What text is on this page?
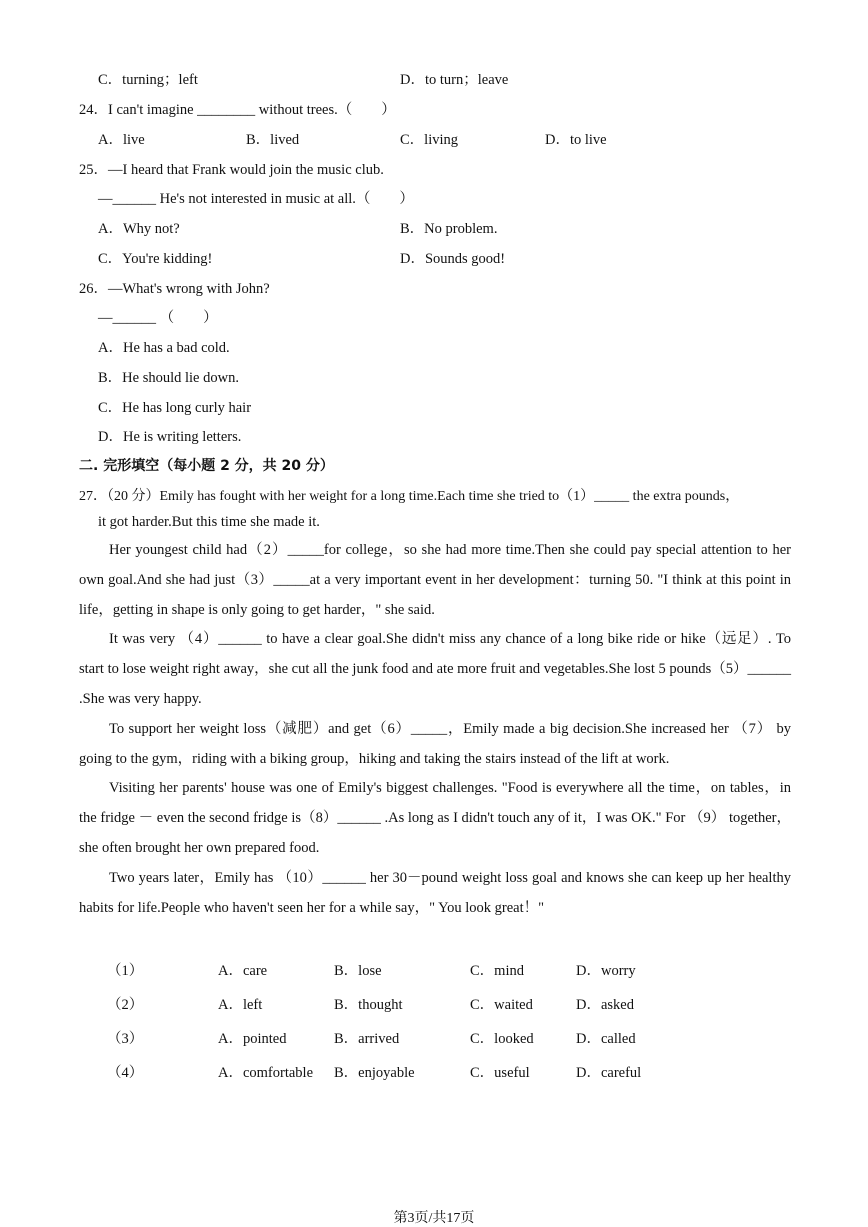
C．turning；left	D．to turn；leave
24．I can't imagine ________ without trees.（　　）
A．live	B．lived	C．living	D．to live
25．—I heard that Frank would join the music club.
—______ He's not interested in music at all.（　　）
A．Why not?	B．No problem.
C．You're kidding!	D．Sounds good!
26．—What's wrong with John?
—______ （　　）
A．He has a bad cold.
B．He should lie down.
C．He has long curly hair
D．He is writing letters.
二. 完形填空（每小题 2 分，共 20 分）
27．（20 分）Emily has fought with her weight for a long time.Each time she tried to（1）_____ the extra pounds，
it got harder.But this time she made it.
Her youngest child had（2）_____for college，so she had more time.Then she could pay special attention to her own goal.And she had just（3）_____at a very important event in her development：turning 50. "I think at this point in life，getting in shape is only going to get harder，" she said.
It was very （4）______ to have a clear goal.She didn't miss any chance of a long bike ride or hike（远足）. To start to lose weight right away，she cut all the junk food and ate more fruit and vegetables.She lost 5 pounds（5）______ .She was very happy.
To support her weight loss（减肥）and get（6）_____，Emily made a big decision.She increased her （7） by going to the gym，riding with a biking group，hiking and taking the stairs instead of the lift at work.
Visiting her parents' house was one of Emily's biggest challenges. "Food is everywhere all the time，on tables，in the fridge － even the second fridge is（8）______ .As long as I didn't touch any of it，I was OK." For （9） together，she often brought her own prepared food.
Two years later，Emily has （10）______ her 30－pound weight loss goal and knows she can keep up her healthy habits for life.People who haven't seen her for a while say，" You look great！"
（1）	A．care	B．lose	C．mind	D．worry
（2）	A．left	B．thought	C．waited	D．asked
（3）	A．pointed	B．arrived	C．looked	D．called
（4）	A．comfortable B．enjoyable	C．useful	D．careful
第3页/共17页
